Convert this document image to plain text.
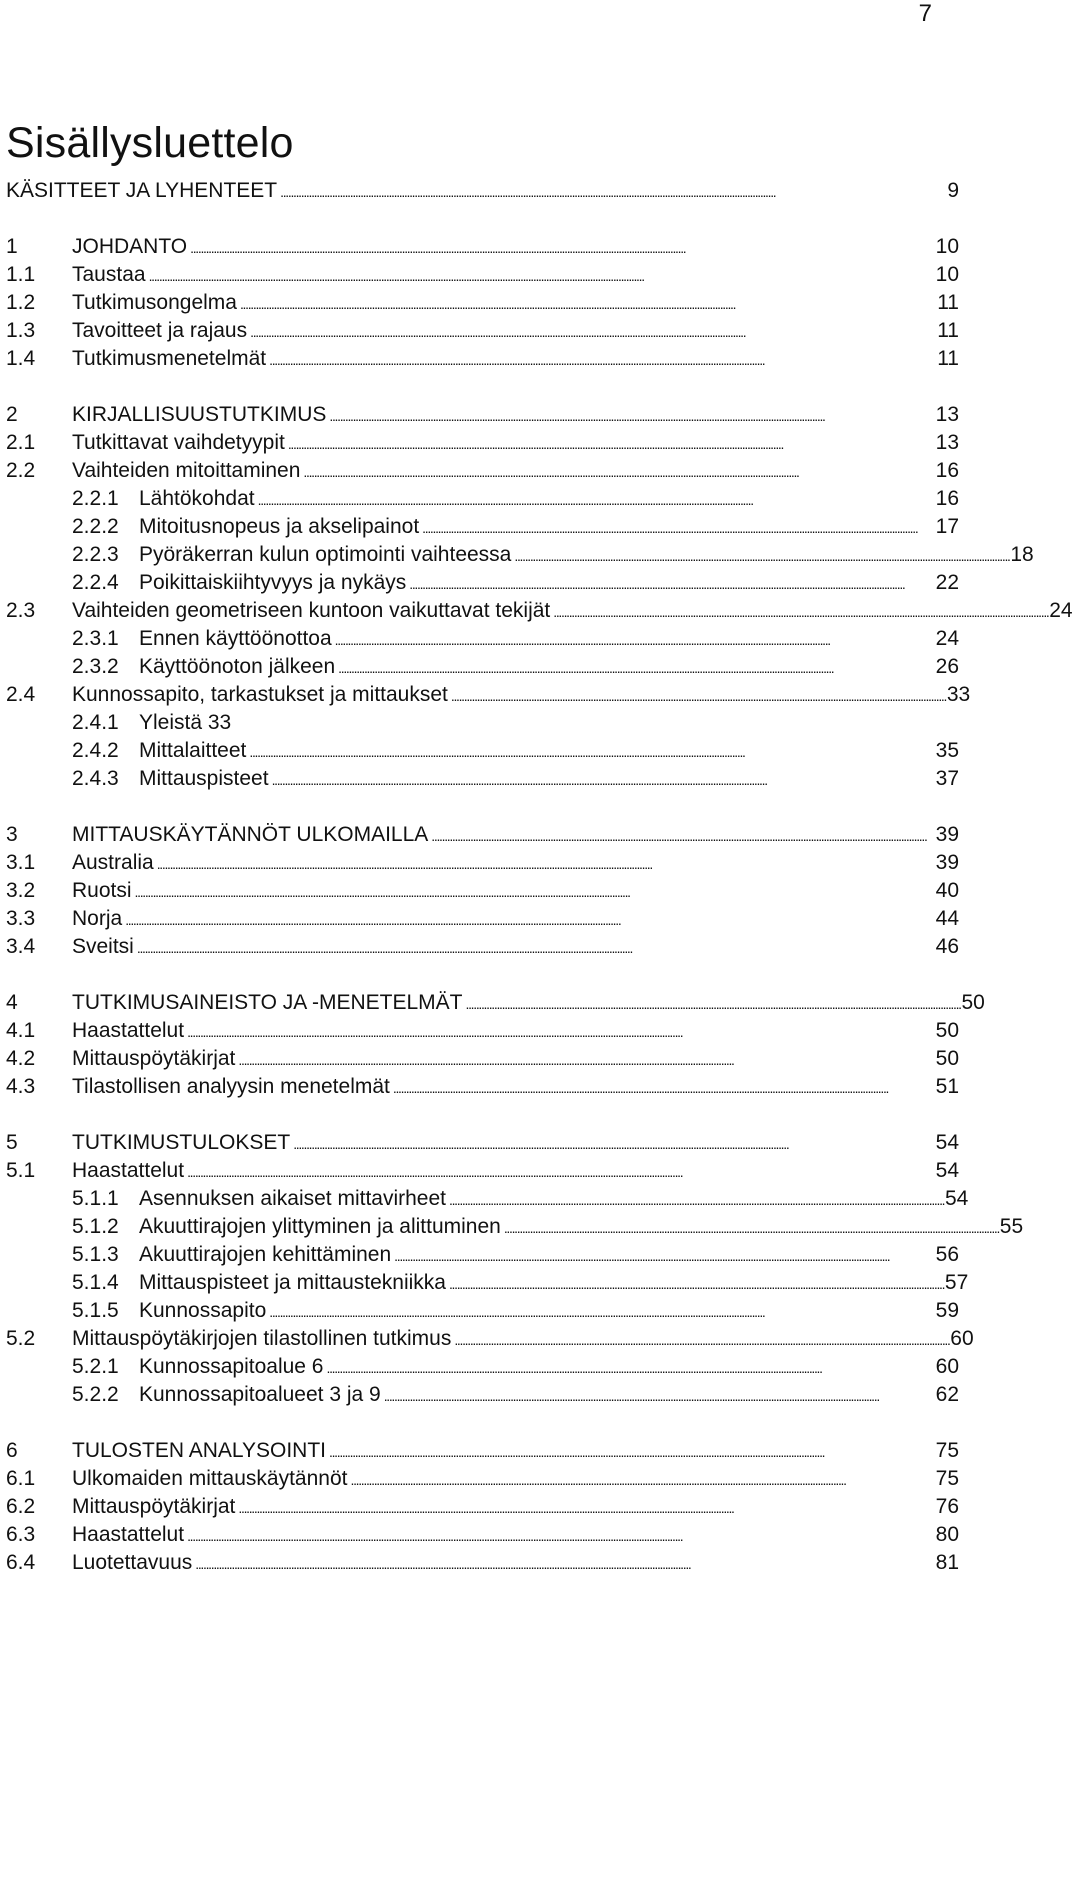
7
Sisällysluettelo
KÄSITTEET JA LYHENTEET . . .	9
1	JOHDANTO . . .	10
1.1 Taustaa . . .	10
1.2 Tutkimusongelma . . .	11
1.3 Tavoitteet ja rajaus . . .	11
1.4 Tutkimusmenetelmät . . .	11
2	KIRJALLISUUSTUTKIMUS . . .	13
2.1 Tutkittavat vaihdetyypit . . .	13
2.2 Vaihteiden mitoittaminen . . .	16
2.2.1 Lähtökohdat . . .	16
2.2.2 Mitoitusnopeus ja akselipainot . . .	17
2.2.3 Pyöräkerran kulun optimointi vaihteessa . . .	18
2.2.4 Poikittaiskiihtyvyys ja nykäys . . .	22
2.3 Vaihteiden geometriseen kuntoon vaikuttavat tekijät . . .	24
2.3.1 Ennen käyttöönottoa . . .	24
2.3.2 Käyttöönoton jälkeen . . .	26
2.4 Kunnossapito, tarkastukset ja mittaukset . . .	33
2.4.1 Yleistä 33
2.4.2 Mittalaitteet . . .	35
2.4.3 Mittauspisteet . . .	37
3	MITTAUSKÄYTÄNNÖT ULKOMAILLA . . .	39
3.1 Australia . . .	39
3.2 Ruotsi . . .	40
3.3 Norja . . .	44
3.4 Sveitsi . . .	46
4	TUTKIMUSAINEISTO JA -MENETELMÄT . . .	50
4.1 Haastattelut . . .	50
4.2 Mittauspöytäkirjat . . .	50
4.3 Tilastollisen analyysin menetelmät . . .	51
5	TUTKIMUSTULOKSET . . .	54
5.1 Haastattelut . . .	54
5.1.1 Asennuksen aikaiset mittavirheet . . .	54
5.1.2 Akuuttirajojen ylittyminen ja alittuminen . . .	55
5.1.3 Akuuttirajojen kehittäminen . . .	56
5.1.4 Mittauspisteet ja mittaustekniikka . . .	57
5.1.5 Kunnossapito . . .	59
5.2 Mittauspöytäkirjojen tilastollinen tutkimus . . .	60
5.2.1 Kunnossapitoalue 6 . . .	60
5.2.2 Kunnossapitoalueet 3 ja 9 . . .	62
6	TULOSTEN ANALYSOINTI . . .	75
6.1 Ulkomaiden mittauskäytännöt . . .	75
6.2 Mittauspöytäkirjat . . .	76
6.3 Haastattelut . . .	80
6.4 Luotettavuus . . .	81
